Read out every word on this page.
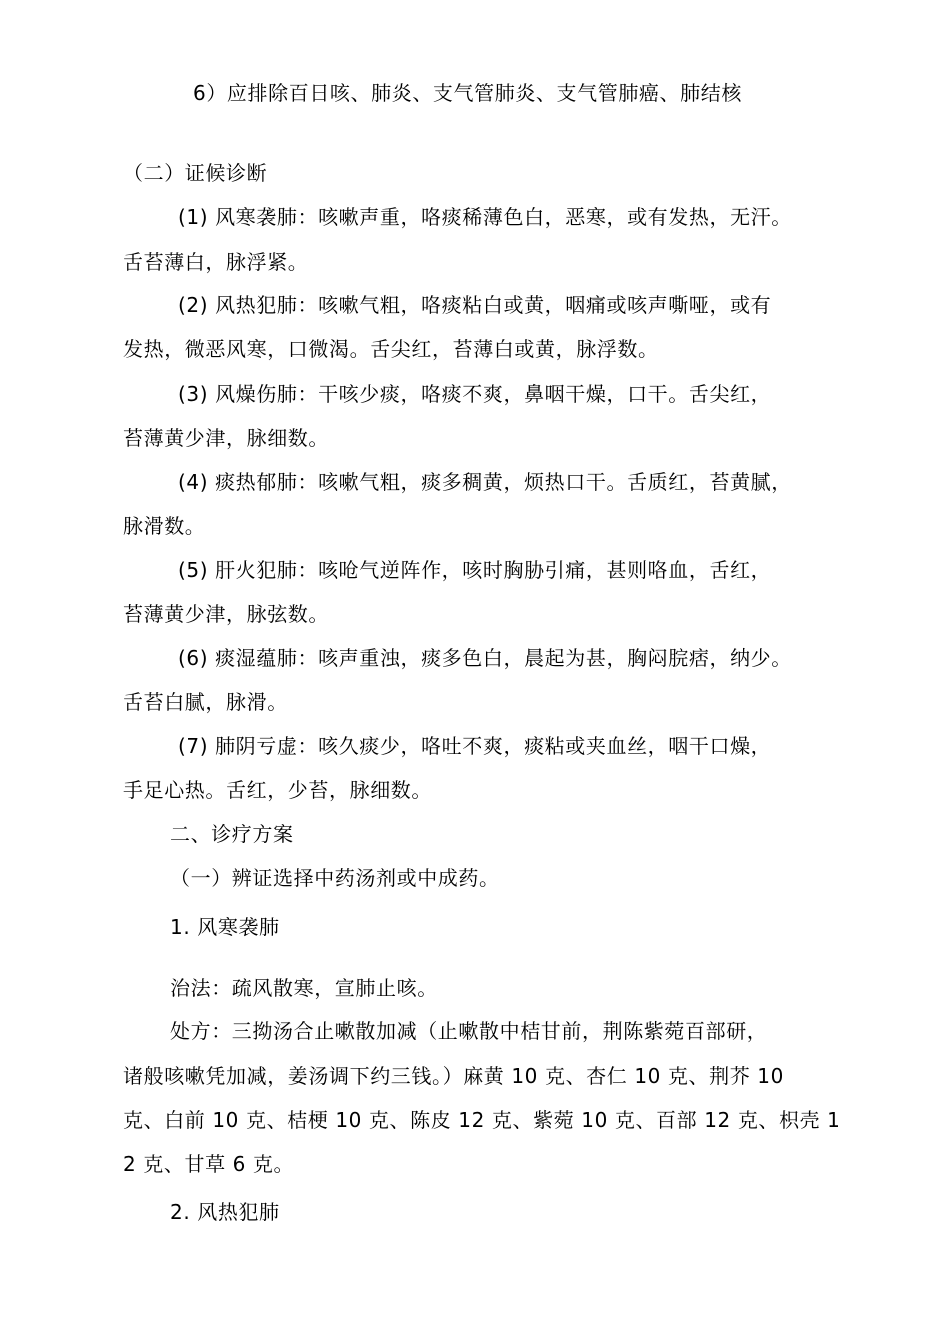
6）应排除百日咳、肺炎、支气管肺炎、支气管肺癌、肺结核
（二）证候诊断
(1) 风寒袭肺：咳嗽声重，咯痰稀薄色白，恶寒，或有发热，无汗。
舌苔薄白，脉浮紧。
(2) 风热犯肺：咳嗽气粗，咯痰粘白或黄，咽痛或咳声嘶哑，或有
发热，微恶风寒，口微渴。舌尖红，苔薄白或黄，脉浮数。
(3) 风燥伤肺：干咳少痰，咯痰不爽，鼻咽干燥，口干。舌尖红，
苔薄黄少津，脉细数。
(4) 痰热郁肺：咳嗽气粗，痰多稠黄，烦热口干。舌质红，苔黄腻，
脉滑数。
(5) 肝火犯肺：咳呛气逆阵作，咳时胸胁引痛，甚则咯血，舌红，
苔薄黄少津，脉弦数。
(6) 痰湿蕴肺：咳声重浊，痰多色白，晨起为甚，胸闷脘痞，纳少。
舌苔白腻，脉滑。
(7) 肺阴亏虚：咳久痰少，咯吐不爽，痰粘或夹血丝，咽干口燥，
手足心热。舌红，少苔，脉细数。
二、诊疗方案
（一）辨证选择中药汤剂或中成药。
1. 风寒袭肺
治法：疏风散寒，宣肺止咳。
处方：三拗汤合止嗽散加减（止嗽散中桔甘前，荆陈紫菀百部研，
诸般咳嗽凭加减，姜汤调下约三钱。）麻黄 10 克、杏仁 10 克、荆芥 10
克、白前 10 克、桔梗 10 克、陈皮 12 克、紫菀 10 克、百部 12 克、枳壳 1
2 克、甘草 6 克。
2. 风热犯肺
